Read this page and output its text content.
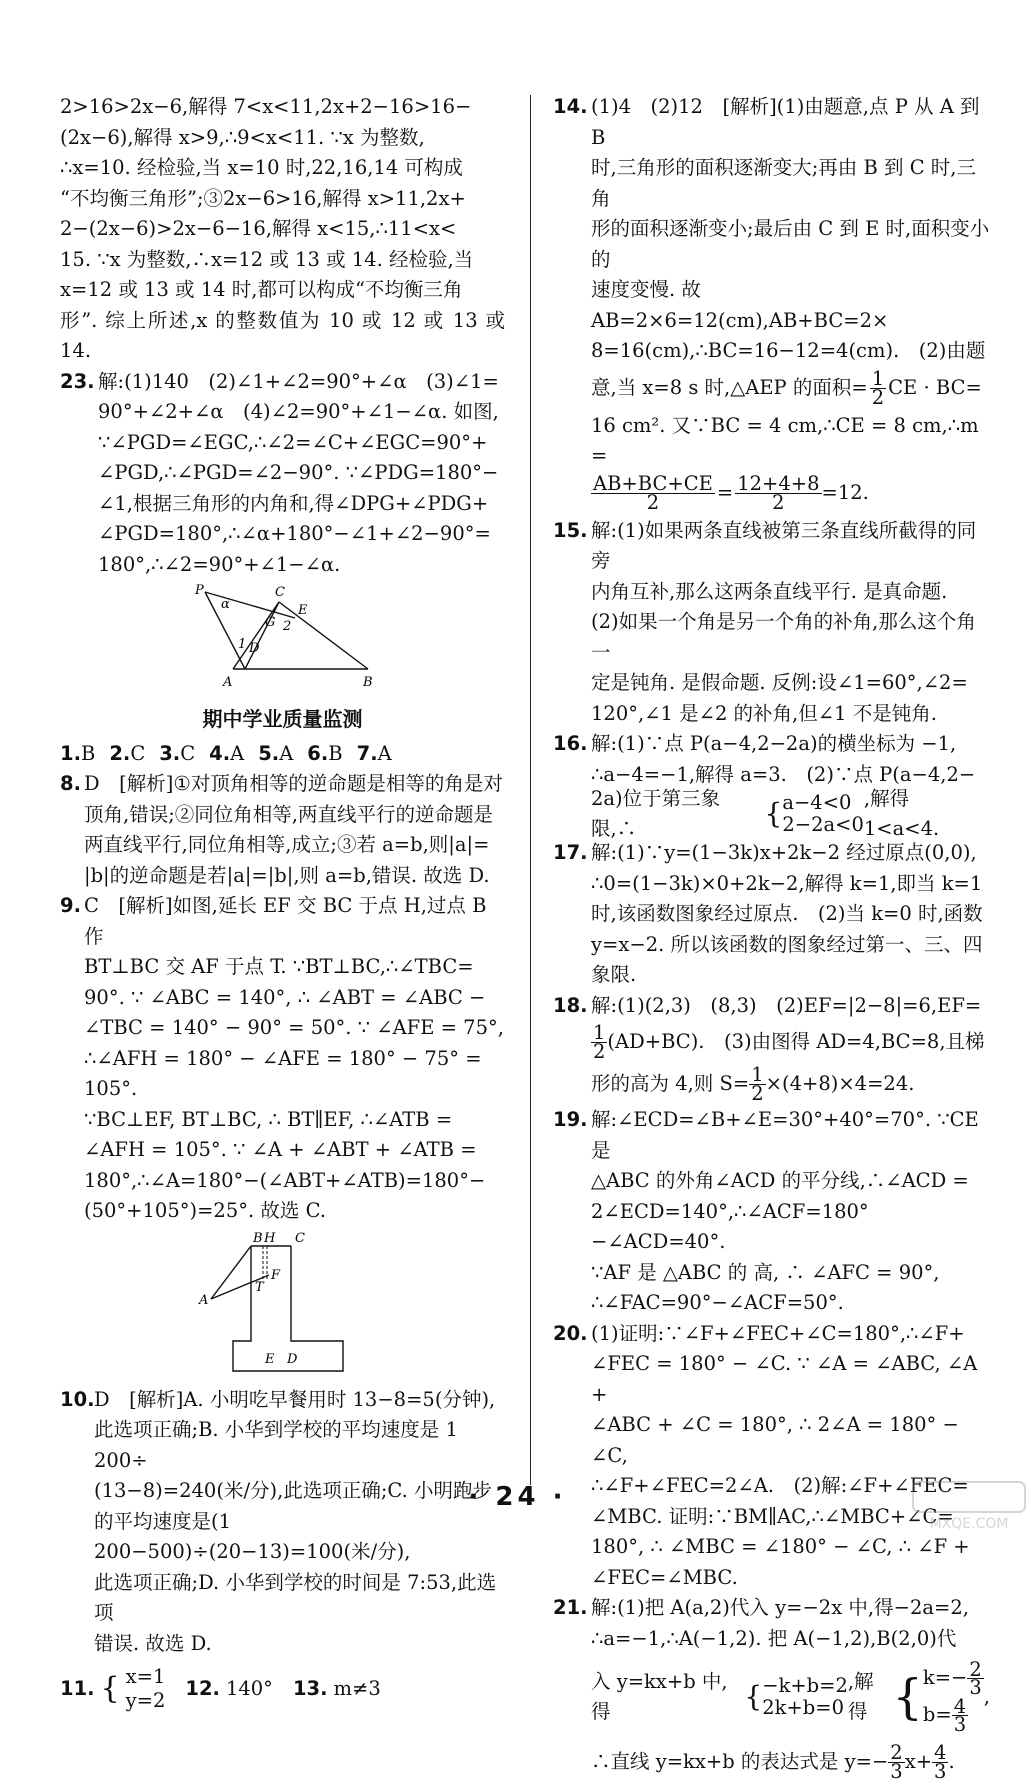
2>16>2x−6,解得 7<x<11,2x+2−16>16−
(2x−6),解得 x>9,∴9<x<11. ∵x 为整数,
∴x=10. 经检验,当 x=10 时,22,16,14 可构成
“不均衡三角形”;③2x−6>16,解得 x>11,2x+
2−(2x−6)>2x−6−16,解得 x<15,∴11<x<
15. ∵x 为整数,∴x=12 或 13 或 14. 经检验,当
x=12 或 13 或 14 时,都可以构成“不均衡三角
形”. 综上所述,x 的整数值为 10 或 12 或 13 或 14.
23. 解:(1)140　(2)∠1+∠2=90°+∠α　(3)∠1=
90°+∠2+∠α　(4)∠2=90°+∠1−∠α. 如图,
∵∠PGD=∠EGC,∴∠2=∠C+∠EGC=90°+
∠PGD,∴∠PGD=∠2−90°. ∵∠PDG=180°−
∠1,根据三角形的内角和,得∠DPG+∠PDG+
∠PGD=180°,∴∠α+180°−∠1+∠2−90°=
180°,∴∠2=90°+∠1−∠α.
P
α
C
E
G 2
1 D
A	B
期中学业质量监测
1.B 2.C 3.C 4.A 5.A 6.B 7.A
8. D　[解析]①对顶角相等的逆命题是相等的角是对
顶角,错误;②同位角相等,两直线平行的逆命题是
两直线平行,同位角相等,成立;③若 a=b,则|a|=
|b|的逆命题是若|a|=|b|,则 a=b,错误. 故选 D.
9. C　[解析]如图,延长 EF 交 BC 于点 H,过点 B 作
BT⊥BC 交 AF 于点 T. ∵BT⊥BC,∴∠TBC=
90°. ∵ ∠ABC = 140°, ∴ ∠ABT = ∠ABC −
∠TBC = 140° − 90° = 50°. ∵ ∠AFE = 75°,
∴∠AFH = 180° − ∠AFE = 180° − 75° = 105°.
∵BC⊥EF, BT⊥BC, ∴ BT∥EF, ∴∠ATB =
∠AFH = 105°. ∵ ∠A + ∠ABT + ∠ATB =
180°,∴∠A=180°−(∠ABT+∠ATB)=180°−
(50°+105°)=25°. 故选 C.
B H C
A
T
F
E D
10. D　[解析]A. 小明吃早餐用时 13−8=5(分钟),
此选项正确;B. 小华到学校的平均速度是 1 200÷
(13−8)=240(米/分),此选项正确;C. 小明跑步
的平均速度是(1 200−500)÷(20−13)=100(米/分),
此选项正确;D. 小华到学校的时间是 7:53,此选项
错误. 故选 D.
11. { x=1
y=2
12. 140° 13. m≠3
14. (1)4　(2)12　[解析](1)由题意,点 P 从 A 到 B
时,三角形的面积逐渐变大;再由 B 到 C 时,三角
形的面积逐渐变小;最后由 C 到 E 时,面积变小的
速度变慢. 故 AB=2×6=12(cm),AB+BC=2×
8=16(cm),∴BC=16−12=4(cm).　(2)由题
意,当 x=8 s 时,△AEP 的面积= $\frac{1}{2}$ CE · BC=
16 cm². 又∵BC = 4 cm,∴CE = 8 cm,∴m =
$\frac{AB+BC+CE}{2} = \frac{12+4+8}{2} =12$.
15. 解:(1)如果两条直线被第三条直线所截得的同旁
内角互补,那么这两条直线平行. 是真命题.
(2)如果一个角是另一个角的补角,那么这个角一
定是钝角. 是假命题. 反例:设∠1=60°,∠2=
120°,∠1 是∠2 的补角,但∠1 不是钝角.
16. 解:(1)∵点 P(a−4,2−2a)的横坐标为 −1,
∴a−4=−1,解得 a=3.　(2)∵点 P(a−4,2−
2a)位于第三象限,∴	{ a−4<0
2−2a<0
,解得 1<a<4.
17. 解:(1)∵y=(1−3k)x+2k−2 经过原点(0,0),
∴0=(1−3k)×0+2k−2,解得 k=1,即当 k=1
时,该函数图象经过原点.　(2)当 k=0 时,函数
y=x−2. 所以该函数的图象经过第一、三、四
象限.
18. 解:(1)(2,3)　(8,3)　(2)EF=|2−8|=6,EF=
1
2 (AD+BC).　(3)由图得 AD=4,BC=8,且梯
形的高为 4,则 $S= \frac{1}{2} \times(4+8)\times 4=24$.
19. 解:∠ECD=∠B+∠E=30°+40°=70°. ∵CE 是
△ABC 的外角∠ACD 的平分线,∴∠ACD =
2∠ECD=140°,∴∠ACF=180°−∠ACD=40°.
∵AF 是 △ABC 的 高, ∴ ∠AFC = 90°,
∴∠FAC=90°−∠ACF=50°.
20. (1)证明:∵∠F+∠FEC+∠C=180°,∴∠F+
∠FEC = 180° − ∠C. ∵ ∠A = ∠ABC, ∠A +
∠ABC + ∠C = 180°, ∴ 2∠A = 180° − ∠C,
∴∠F+∠FEC=2∠A.　(2)解:∠F+∠FEC=
∠MBC. 证明:∵BM∥AC,∴∠MBC+∠C=
180°, ∴ ∠MBC = ∠180° − ∠C, ∴ ∠F +
∠FEC=∠MBC.
21. 解:(1)把 A(a,2)代入 y=−2x 中,得−2a=2,
∴a=−1,∴A(−1,2). 把 A(−1,2),B(2,0)代
入 y=kx+b 中,得	{ −k+b=2
2k+b=0
,解得 { $k=- \frac{2}{3}$
$b= \frac{4}{3}$
,
∴直线 y=kx+b 的表达式是 $y=- \frac{2}{3} x+ \frac{4}{3}$ .
· 24 ·
MXQE.COM
